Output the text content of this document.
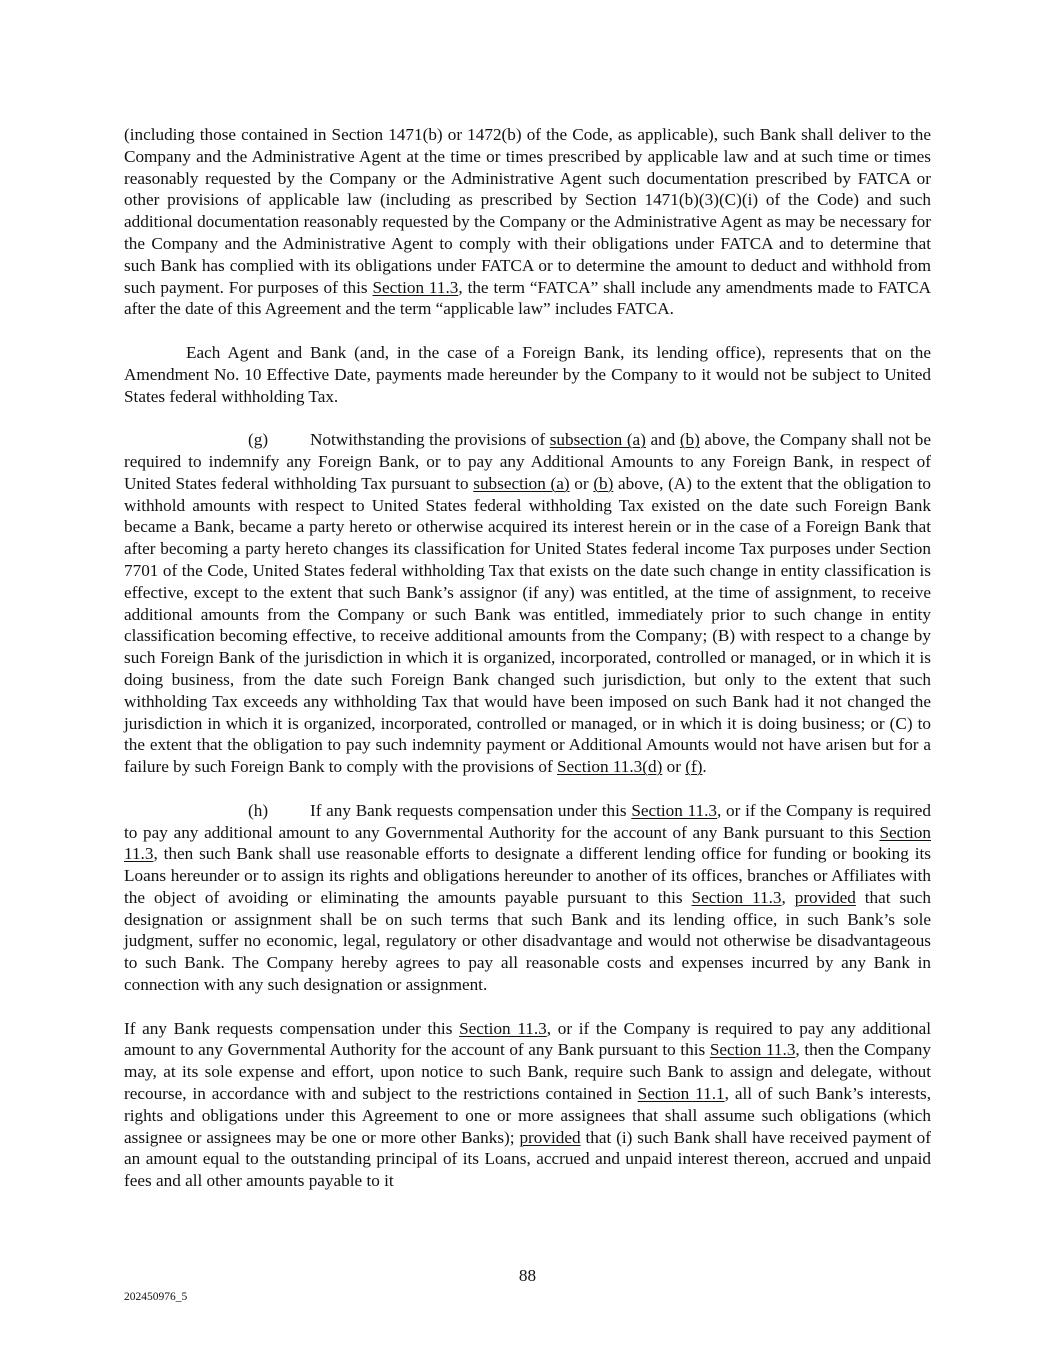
(including those contained in Section 1471(b) or 1472(b) of the Code, as applicable), such Bank shall deliver to the Company and the Administrative Agent at the time or times prescribed by applicable law and at such time or times reasonably requested by the Company or the Administrative Agent such documentation prescribed by FATCA or other provisions of applicable law (including as prescribed by Section 1471(b)(3)(C)(i) of the Code) and such additional documentation reasonably requested by the Company or the Administrative Agent as may be necessary for the Company and the Administrative Agent to comply with their obligations under FATCA and to determine that such Bank has complied with its obligations under FATCA or to determine the amount to deduct and withhold from such payment. For purposes of this Section 11.3, the term “FATCA” shall include any amendments made to FATCA after the date of this Agreement and the term “applicable law” includes FATCA.

Each Agent and Bank (and, in the case of a Foreign Bank, its lending office), represents that on the Amendment No. 10 Effective Date, payments made hereunder by the Company to it would not be subject to United States federal withholding Tax.

(g) Notwithstanding the provisions of subsection (a) and (b) above, the Company shall not be required to indemnify any Foreign Bank, or to pay any Additional Amounts to any Foreign Bank, in respect of United States federal withholding Tax pursuant to subsection (a) or (b) above, (A) to the extent that the obligation to withhold amounts with respect to United States federal withholding Tax existed on the date such Foreign Bank became a Bank, became a party hereto or otherwise acquired its interest herein or in the case of a Foreign Bank that after becoming a party hereto changes its classification for United States federal income Tax purposes under Section 7701 of the Code, United States federal withholding Tax that exists on the date such change in entity classification is effective, except to the extent that such Bank’s assignor (if any) was entitled, at the time of assignment, to receive additional amounts from the Company or such Bank was entitled, immediately prior to such change in entity classification becoming effective, to receive additional amounts from the Company; (B) with respect to a change by such Foreign Bank of the jurisdiction in which it is organized, incorporated, controlled or managed, or in which it is doing business, from the date such Foreign Bank changed such jurisdiction, but only to the extent that such withholding Tax exceeds any withholding Tax that would have been imposed on such Bank had it not changed the jurisdiction in which it is organized, incorporated, controlled or managed, or in which it is doing business; or (C) to the extent that the obligation to pay such indemnity payment or Additional Amounts would not have arisen but for a failure by such Foreign Bank to comply with the provisions of Section 11.3(d) or (f).

(h) If any Bank requests compensation under this Section 11.3, or if the Company is required to pay any additional amount to any Governmental Authority for the account of any Bank pursuant to this Section 11.3, then such Bank shall use reasonable efforts to designate a different lending office for funding or booking its Loans hereunder or to assign its rights and obligations hereunder to another of its offices, branches or Affiliates with the object of avoiding or eliminating the amounts payable pursuant to this Section 11.3, provided that such designation or assignment shall be on such terms that such Bank and its lending office, in such Bank’s sole judgment, suffer no economic, legal, regulatory or other disadvantage and would not otherwise be disadvantageous to such Bank. The Company hereby agrees to pay all reasonable costs and expenses incurred by any Bank in connection with any such designation or assignment.

If any Bank requests compensation under this Section 11.3, or if the Company is required to pay any additional amount to any Governmental Authority for the account of any Bank pursuant to this Section 11.3, then the Company may, at its sole expense and effort, upon notice to such Bank, require such Bank to assign and delegate, without recourse, in accordance with and subject to the restrictions contained in Section 11.1, all of such Bank’s interests, rights and obligations under this Agreement to one or more assignees that shall assume such obligations (which assignee or assignees may be one or more other Banks); provided that (i) such Bank shall have received payment of an amount equal to the outstanding principal of its Loans, accrued and unpaid interest thereon, accrued and unpaid fees and all other amounts payable to it

88
202450976_5
